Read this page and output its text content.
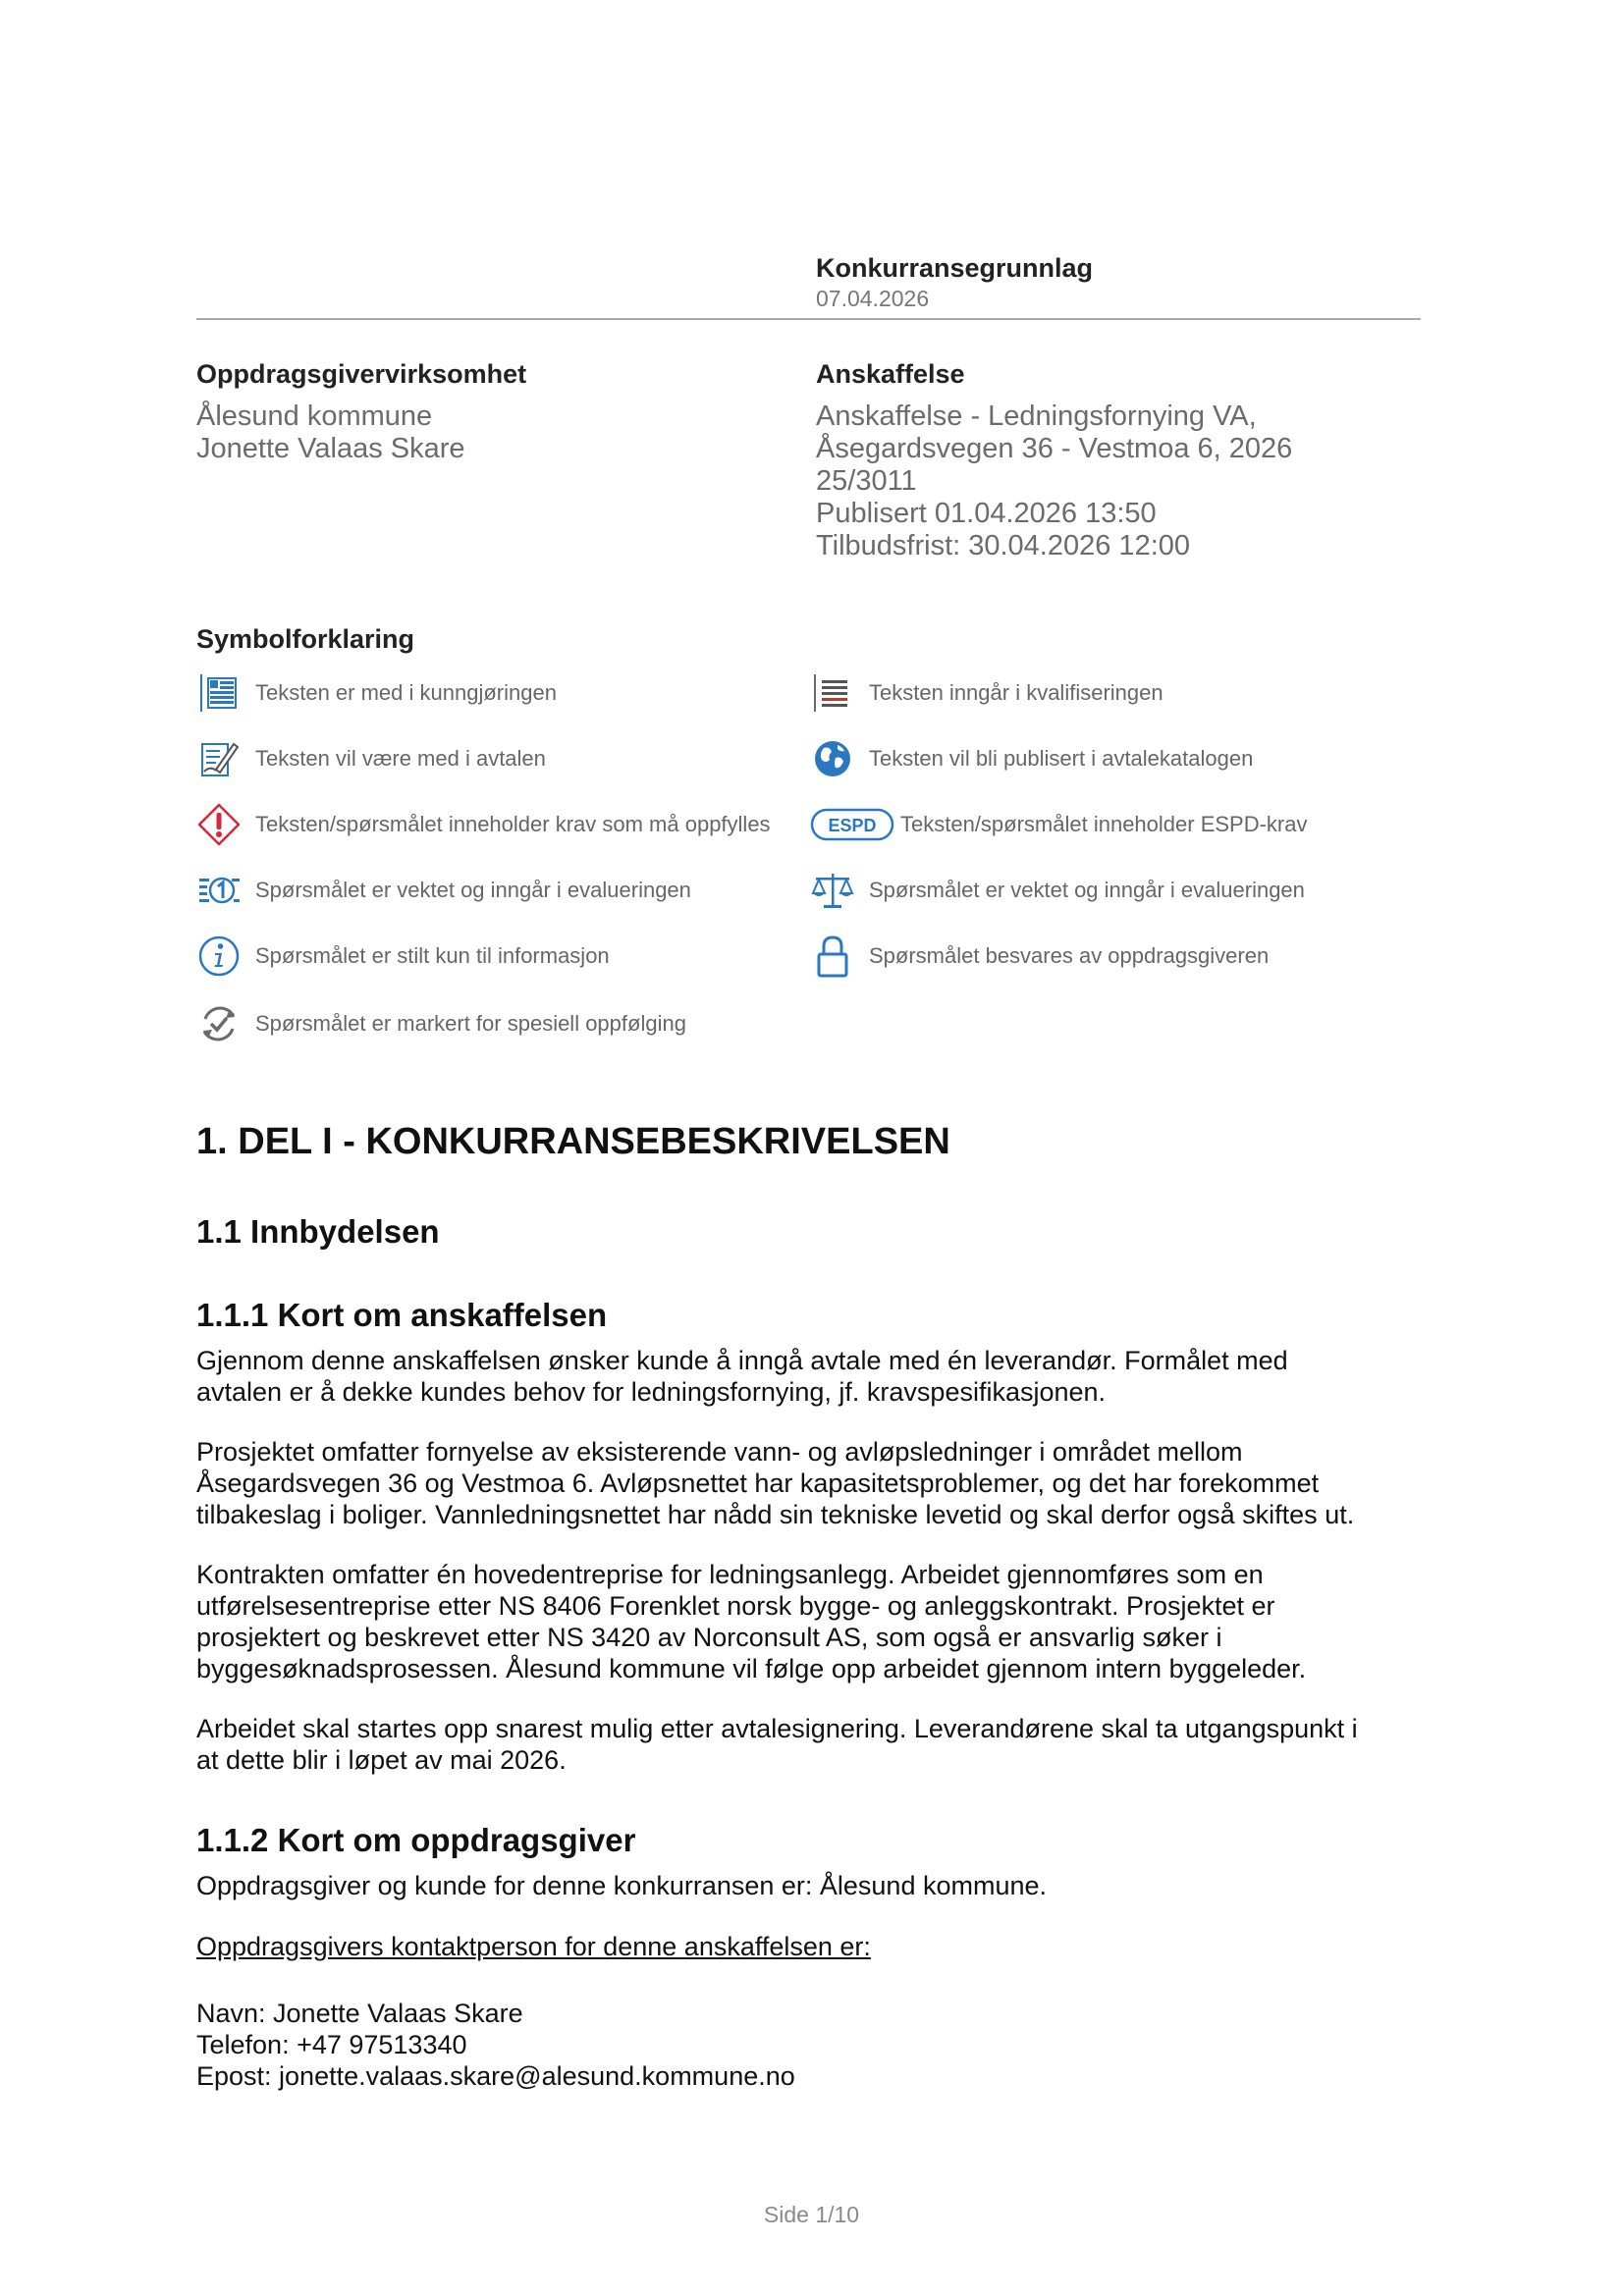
Konkurransegrunnlag
07.04.2026
Oppdragsgivervirksomhet
Ålesund kommune
Jonette Valaas Skare
Anskaffelse
Anskaffelse - Ledningsfornying VA,
Åsegardsvegen 36 - Vestmoa 6, 2026
25/3011
Publisert 01.04.2026 13:50
Tilbudsfrist: 30.04.2026 12:00
Symbolforklaring
Teksten er med i kunngjøringen	Teksten inngår i kvalifiseringen
Teksten vil være med i avtalen	Teksten vil bli publisert i avtalekatalogen
Teksten/spørsmålet inneholder krav som må oppfylles	ESPD Teksten/spørsmålet inneholder ESPD-krav
Spørsmålet er vektet og inngår i evalueringen	Spørsmålet er vektet og inngår i evalueringen
Spørsmålet er stilt kun til informasjon	Spørsmålet besvares av oppdragsgiveren
Spørsmålet er markert for spesiell oppfølging
1. DEL I - KONKURRANSEBESKRIVELSEN
1.1 Innbydelsen
1.1.1 Kort om anskaffelsen
Gjennom denne anskaffelsen ønsker kunde å inngå avtale med én leverandør. Formålet med
avtalen er å dekke kundes behov for ledningsfornying, jf. kravspesifikasjonen.
Prosjektet omfatter fornyelse av eksisterende vann- og avløpsledninger i området mellom
Åsegardsvegen 36 og Vestmoa 6. Avløpsnettet har kapasitetsproblemer, og det har forekommet
tilbakeslag i boliger. Vannledningsnettet har nådd sin tekniske levetid og skal derfor også skiftes ut.
Kontrakten omfatter én hovedentreprise for ledningsanlegg. Arbeidet gjennomføres som en
utførelsesentreprise etter NS 8406 Forenklet norsk bygge- og anleggskontrakt. Prosjektet er
prosjektert og beskrevet etter NS 3420 av Norconsult AS, som også er ansvarlig søker i
byggesøknadsprosessen. Ålesund kommune vil følge opp arbeidet gjennom intern byggeleder.
Arbeidet skal startes opp snarest mulig etter avtalesignering. Leverandørene skal ta utgangspunkt i
at dette blir i løpet av mai 2026.
1.1.2 Kort om oppdragsgiver
Oppdragsgiver og kunde for denne konkurransen er: Ålesund kommune.
Oppdragsgivers kontaktperson for denne anskaffelsen er:
Navn: Jonette Valaas Skare
Telefon: +47 97513340
Epost: jonette.valaas.skare@alesund.kommune.no
Side 1/10
